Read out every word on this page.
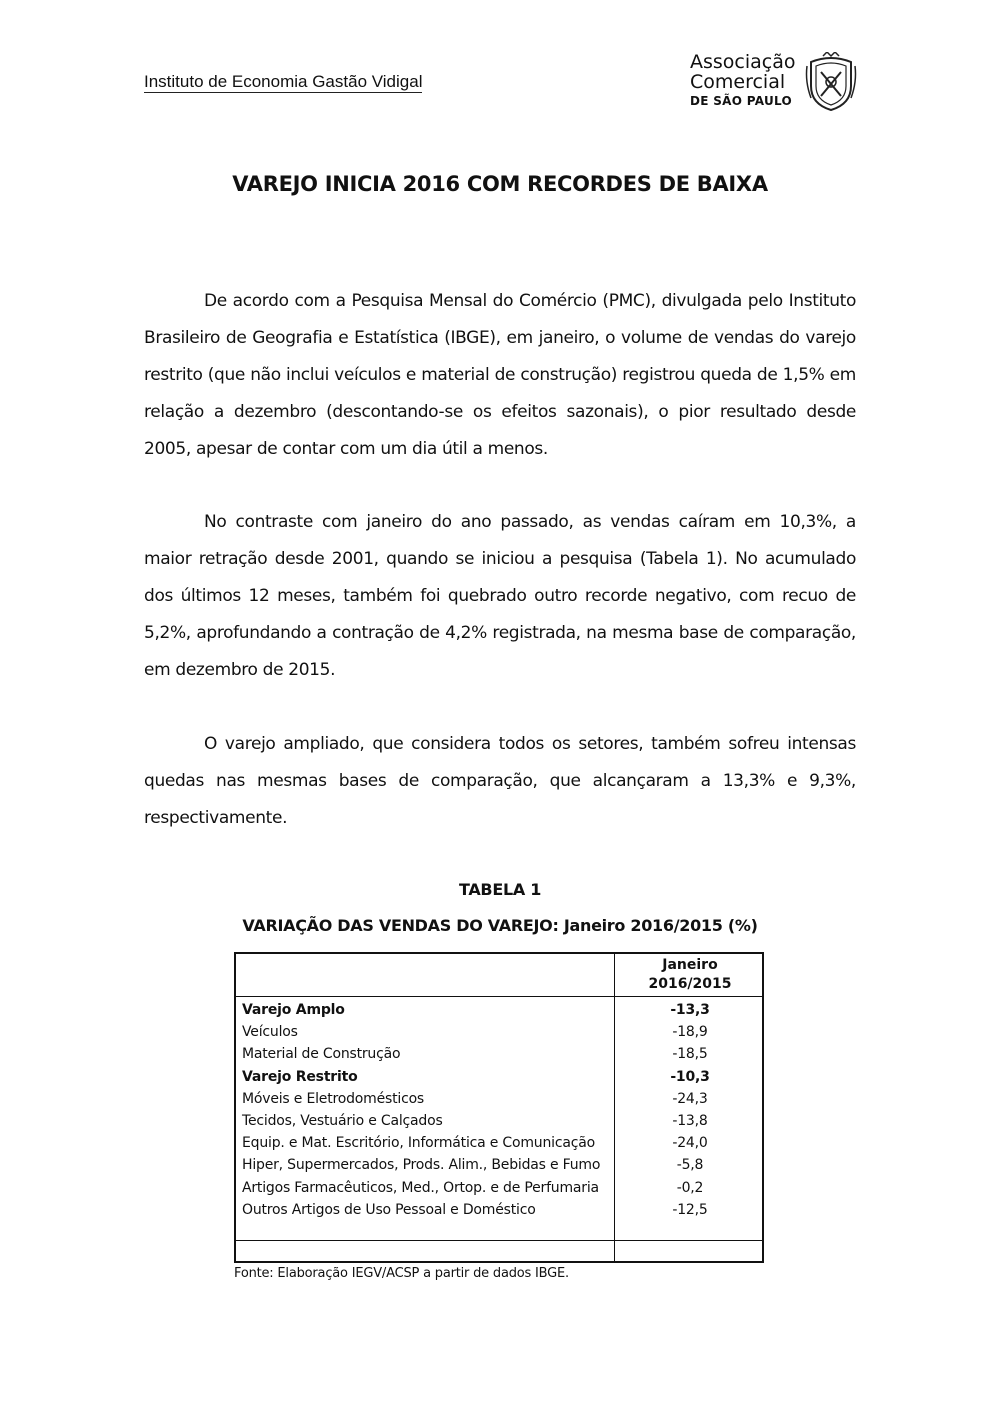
Instituto de Economia Gastão Vidigal
Associação
Comercial
DE SÃO PAULO
VAREJO INICIA 2016 COM RECORDES DE BAIXA
De acordo com a Pesquisa Mensal do Comércio (PMC), divulgada pelo Instituto Brasileiro de Geografia e Estatística (IBGE), em janeiro, o volume de vendas do varejo restrito (que não inclui veículos e material de construção) registrou queda de 1,5% em relação a dezembro (descontando-se os efeitos sazonais), o pior resultado desde 2005, apesar de contar com um dia útil a menos.
No contraste com janeiro do ano passado, as vendas caíram em 10,3%, a maior retração desde 2001, quando se iniciou a pesquisa (Tabela 1). No acumulado dos últimos 12 meses, também foi quebrado outro recorde negativo, com recuo de 5,2%, aprofundando a contração de 4,2% registrada, na mesma base de comparação, em dezembro de 2015.
O varejo ampliado, que considera todos os setores, também sofreu intensas quedas nas mesmas bases de comparação, que alcançaram a 13,3% e 9,3%, respectivamente.
TABELA 1
VARIAÇÃO DAS VENDAS DO VAREJO: Janeiro 2016/2015 (%)
Janeiro
2016/2015
Varejo Amplo	-13,3
Veículos	-18,9
Material de Construção	-18,5
Varejo Restrito	-10,3
Móveis e Eletrodomésticos	-24,3
Tecidos, Vestuário e Calçados	-13,8
Equip. e Mat. Escritório, Informática e Comunicação	-24,0
Hiper, Supermercados, Prods. Alim., Bebidas e Fumo	-5,8
Artigos Farmacêuticos, Med., Ortop. e de Perfumaria	-0,2
Outros Artigos de Uso Pessoal e Doméstico	-12,5
Fonte: Elaboração IEGV/ACSP a partir de dados IBGE.
